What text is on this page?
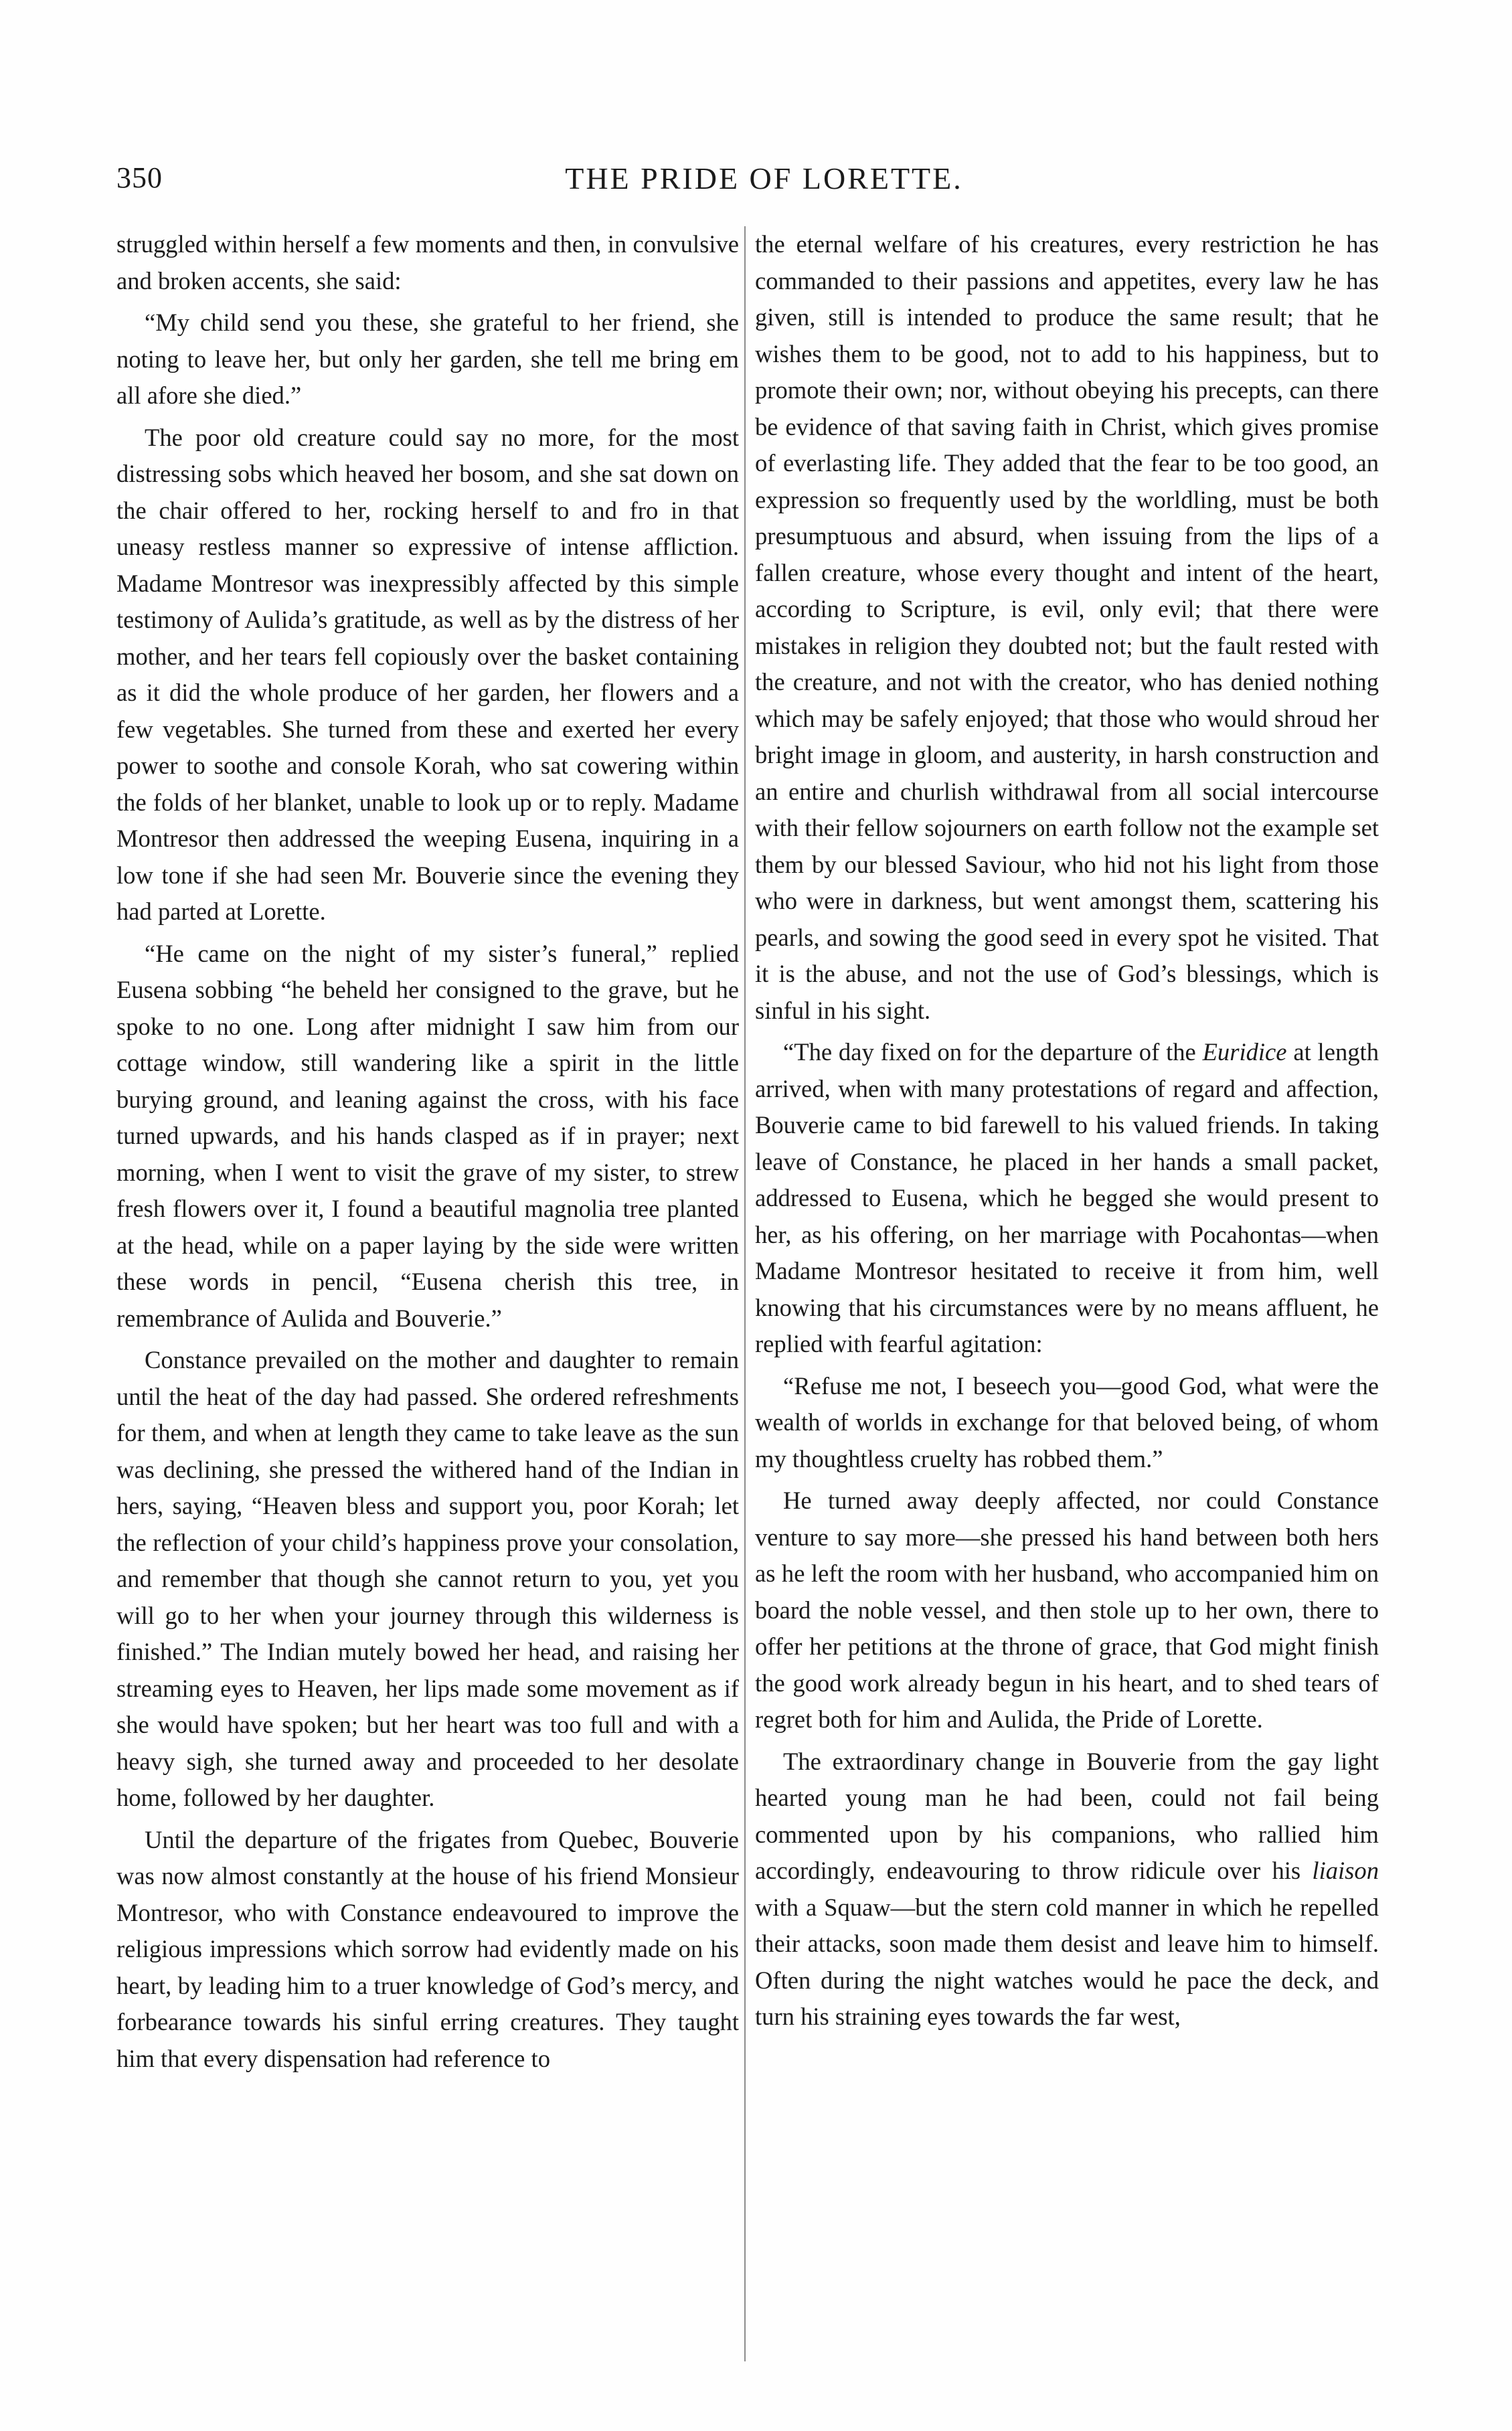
350	THE PRIDE OF LORETTE.

struggled within herself a few moments and then, in convulsive and broken accents, she said:

“My child send you these, she grateful to her friend, she noting to leave her, but only her garden, she tell me bring em all afore she died.”

The poor old creature could say no more, for the most distressing sobs which heaved her bosom, and she sat down on the chair offered to her, rocking herself to and fro in that uneasy restless manner so expressive of intense affliction. Madame Montresor was inexpressibly affected by this simple testimony of Aulida’s gratitude, as well as by the distress of her mother, and her tears fell copiously over the basket containing as it did the whole produce of her garden, her flowers and a few vegetables. She turned from these and exerted her every power to soothe and console Korah, who sat cowering within the folds of her blanket, unable to look up or to reply. Madame Montresor then addressed the weeping Eusena, inquiring in a low tone if she had seen Mr. Bouverie since the evening they had parted at Lorette.

“He came on the night of my sister’s funeral,” replied Eusena sobbing “he beheld her consigned to the grave, but he spoke to no one. Long after midnight I saw him from our cottage window, still wandering like a spirit in the little burying ground, and leaning against the cross, with his face turned upwards, and his hands clasped as if in prayer; next morning, when I went to visit the grave of my sister, to strew fresh flowers over it, I found a beautiful magnolia tree planted at the head, while on a paper laying by the side were written these words in pencil, “Eusena cherish this tree, in remembrance of Aulida and Bouverie.”

Constance prevailed on the mother and daughter to remain until the heat of the day had passed. She ordered refreshments for them, and when at length they came to take leave as the sun was declining, she pressed the withered hand of the Indian in hers, saying, “Heaven bless and support you, poor Korah; let the reflection of your child’s happiness prove your consolation, and remember that though she cannot return to you, yet you will go to her when your journey through this wilderness is finished.” The Indian mutely bowed her head, and raising her streaming eyes to Heaven, her lips made some movement as if she would have spoken; but her heart was too full and with a heavy sigh, she turned away and proceeded to her desolate home, followed by her daughter.

Until the departure of the frigates from Quebec, Bouverie was now almost constantly at the house of his friend Monsieur Montresor, who with Constance endeavoured to improve the religious impressions which sorrow had evidently made on his heart, by leading him to a truer knowledge of God’s mercy, and forbearance towards his sinful erring creatures. They taught him that every dispensation had reference to

the eternal welfare of his creatures, every restriction he has commanded to their passions and appetites, every law he has given, still is intended to produce the same result; that he wishes them to be good, not to add to his happiness, but to promote their own; nor, without obeying his precepts, can there be evidence of that saving faith in Christ, which gives promise of everlasting life. They added that the fear to be too good, an expression so frequently used by the worldling, must be both presumptuous and absurd, when issuing from the lips of a fallen creature, whose every thought and intent of the heart, according to Scripture, is evil, only evil; that there were mistakes in religion they doubted not; but the fault rested with the creature, and not with the creator, who has denied nothing which may be safely enjoyed; that those who would shroud her bright image in gloom, and austerity, in harsh construction and an entire and churlish withdrawal from all social intercourse with their fellow sojourners on earth follow not the example set them by our blessed Saviour, who hid not his light from those who were in darkness, but went amongst them, scattering his pearls, and sowing the good seed in every spot he visited. That it is the abuse, and not the use of God’s blessings, which is sinful in his sight.

“The day fixed on for the departure of the Euridice at length arrived, when with many protestations of regard and affection, Bouverie came to bid farewell to his valued friends. In taking leave of Constance, he placed in her hands a small packet, addressed to Eusena, which he begged she would present to her, as his offering, on her marriage with Pocahontas—when Madame Montresor hesitated to receive it from him, well knowing that his circumstances were by no means affluent, he replied with fearful agitation:

“Refuse me not, I beseech you—good God, what were the wealth of worlds in exchange for that beloved being, of whom my thoughtless cruelty has robbed them.”

He turned away deeply affected, nor could Constance venture to say more—she pressed his hand between both hers as he left the room with her husband, who accompanied him on board the noble vessel, and then stole up to her own, there to offer her petitions at the throne of grace, that God might finish the good work already begun in his heart, and to shed tears of regret both for him and Aulida, the Pride of Lorette.

The extraordinary change in Bouverie from the gay light hearted young man he had been, could not fail being commented upon by his companions, who rallied him accordingly, endeavouring to throw ridicule over his liaison with a Squaw—but the stern cold manner in which he repelled their attacks, soon made them desist and leave him to himself. Often during the night watches would he pace the deck, and turn his straining eyes towards the far west,
